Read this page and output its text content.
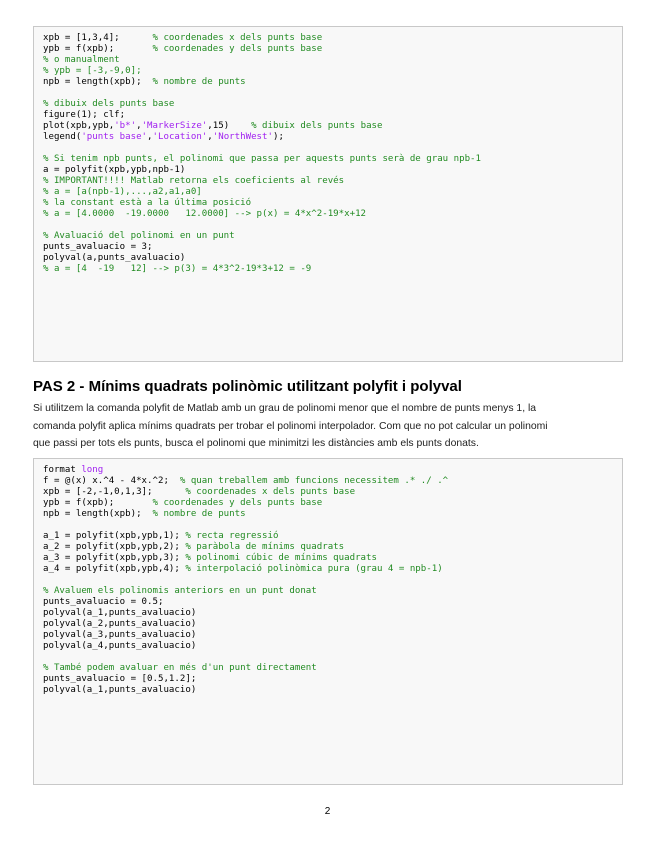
xpb = [1,3,4];      % coordenades x dels punts base
ypb = f(xpb);       % coordenades y dels punts base
% o manualment
% ypb = [-3,-9,0];
npb = length(xpb);  % nombre de punts
% dibuix dels punts base
figure(1); clf;
plot(xpb,ypb,'b*','MarkerSize',15)    % dibuix dels punts base
legend('punts base','Location','NorthWest');
% Si tenim npb punts, el polinomi que passa per aquests punts serà de grau npb-1
a = polyfit(xpb,ypb,npb-1)
% IMPORTANT!!!! Matlab retorna els coeficients al revés
% a = [a(npb-1),...,a2,a1,a0]
% la constant està a la última posició
% a = [4.0000  -19.0000   12.0000] --> p(x) = 4*x^2-19*x+12
% Avaluació del polinomi en un punt
punts_avaluacio = 3;
polyval(a,punts_avaluacio)
% a = [4  -19   12] --> p(3) = 4*3^2-19*3+12 = -9
PAS 2 - Mínims quadrats polinòmic utilitzant polyfit i polyval
Si utilitzem la comanda polyfit de Matlab amb un grau de polinomi menor que el nombre de punts menys 1, la
comanda polyfit aplica mínims quadrats per trobar el polinomi interpolador. Com que no pot calcular un polinomi
que passi per tots els punts, busca el polinomi que minimitzi les distàncies amb els punts donats.
format long
f = @(x) x.^4 - 4*x.^2;  % quan treballem amb funcions necessitem .* ./ .^
xpb = [-2,-1,0,1,3];      % coordenades x dels punts base
ypb = f(xpb);       % coordenades y dels punts base
npb = length(xpb);  % nombre de punts
a_1 = polyfit(xpb,ypb,1); % recta regressió
a_2 = polyfit(xpb,ypb,2); % paràbola de mínims quadrats
a_3 = polyfit(xpb,ypb,3); % polinomi cúbic de mínims quadrats
a_4 = polyfit(xpb,ypb,4); % interpolació polinòmica pura (grau 4 = npb-1)
% Avaluem els polinomis anteriors en un punt donat
punts_avaluacio = 0.5;
polyval(a_1,punts_avaluacio)
polyval(a_2,punts_avaluacio)
polyval(a_3,punts_avaluacio)
polyval(a_4,punts_avaluacio)
% També podem avaluar en més d'un punt directament
punts_avaluacio = [0.5,1.2];
polyval(a_1,punts_avaluacio)
2
